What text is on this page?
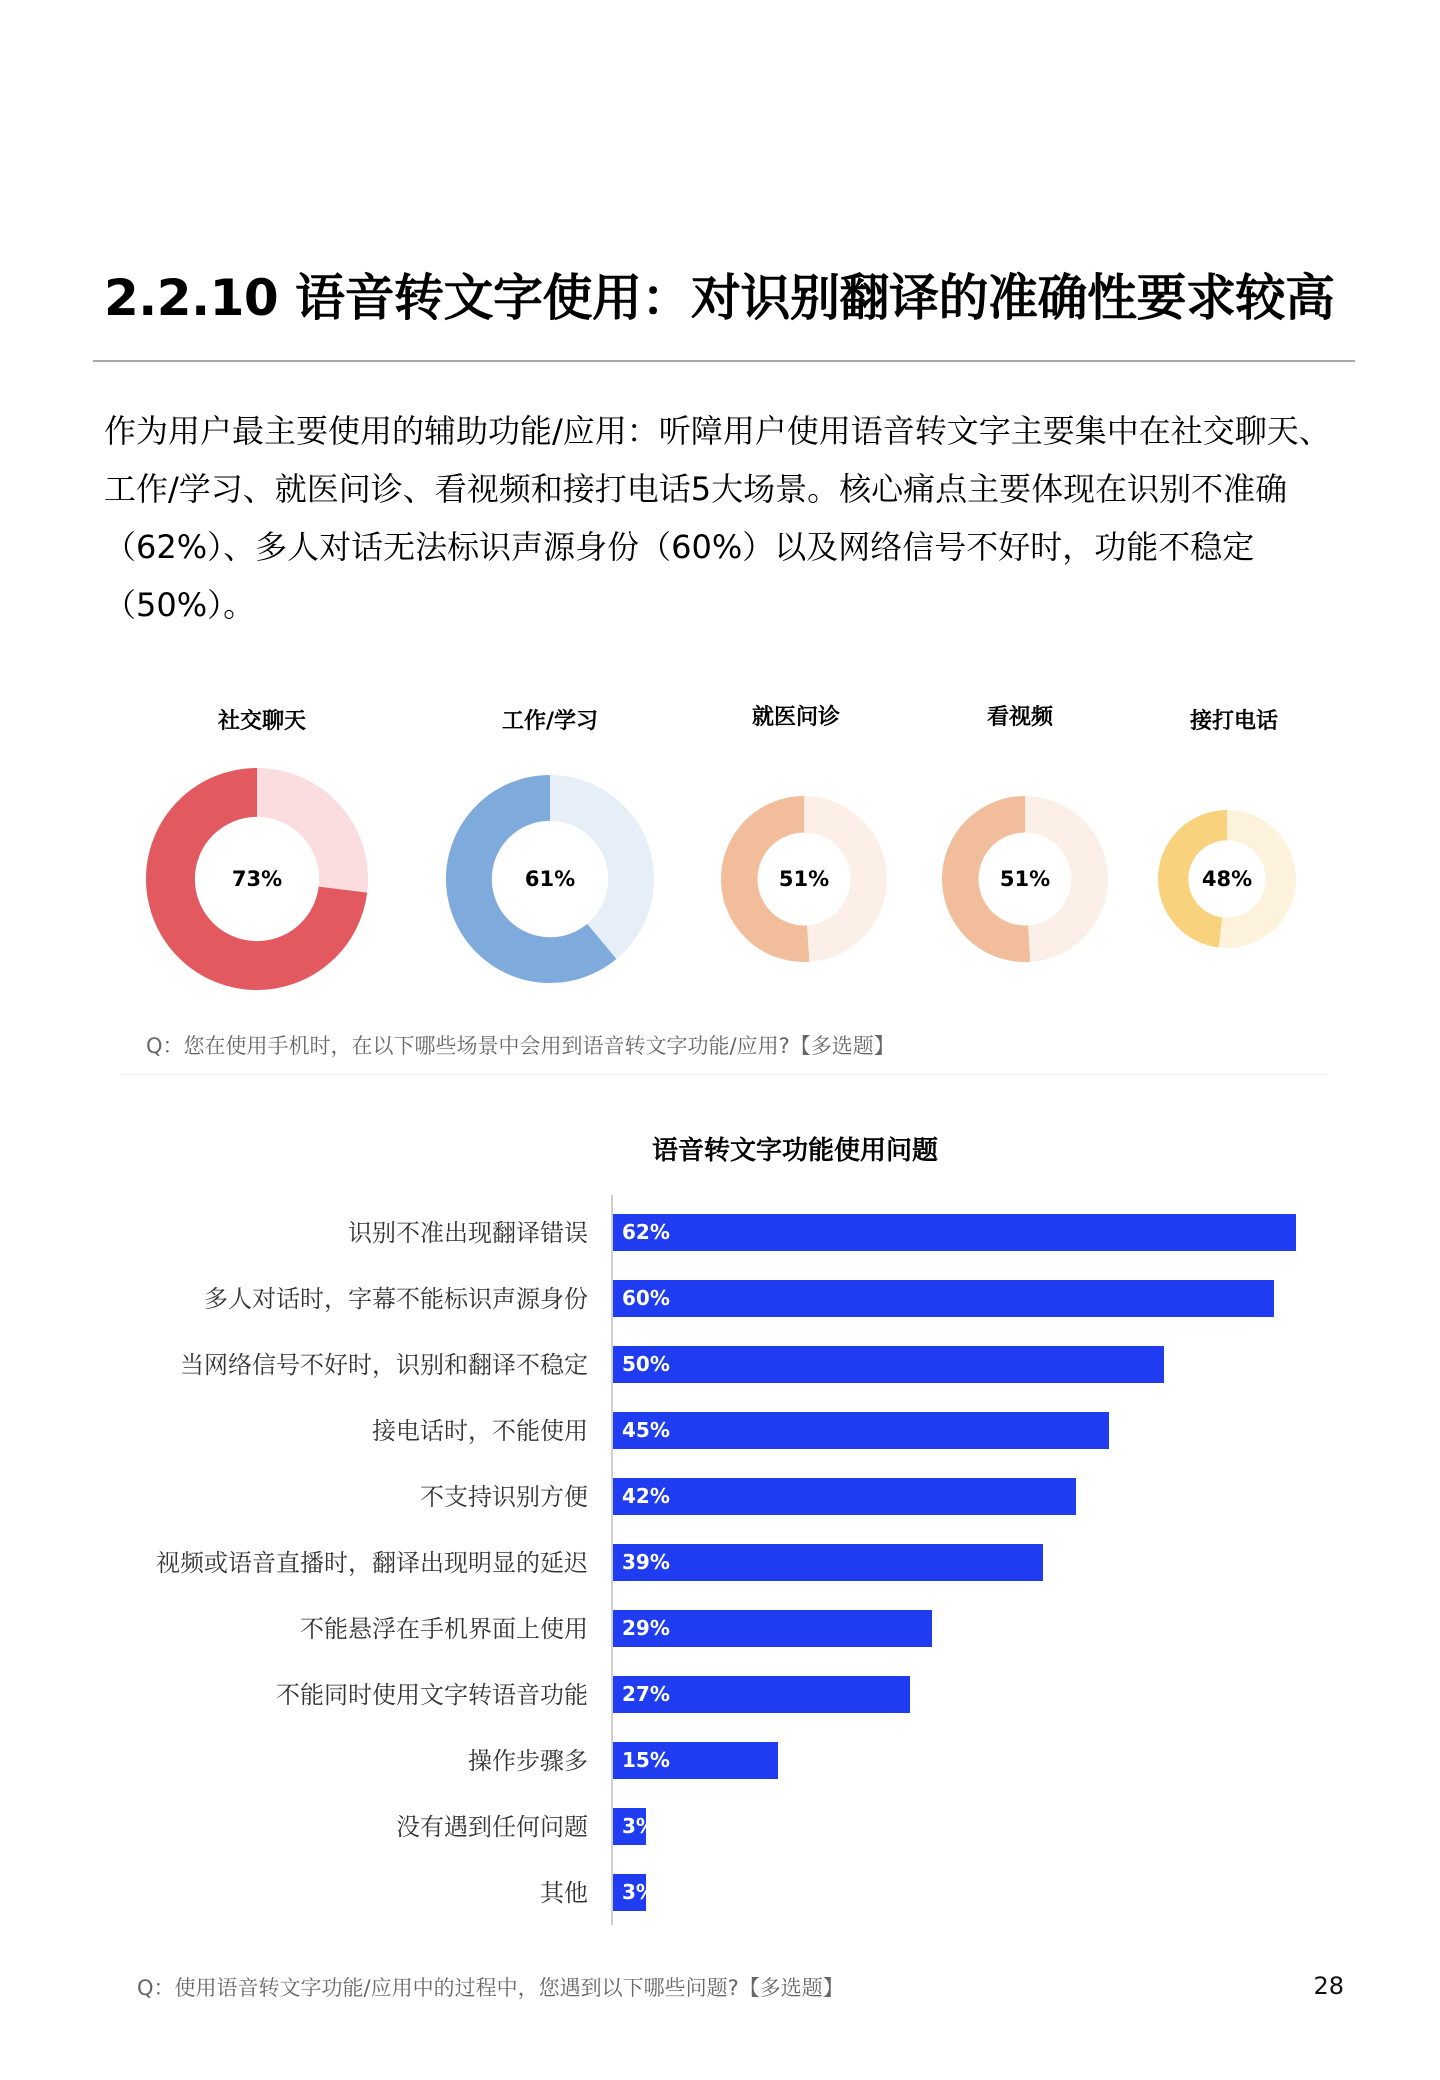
2.2.10 语音转文字使用：对识别翻译的准确性要求较高
作为用户最主要使用的辅助功能/应用：听障用户使用语音转文字主要集中在社交聊天、
工作/学习、就医问诊、看视频和接打电话5大场景。核心痛点主要体现在识别不准确
（62%）、多人对话无法标识声源身份（60%）以及网络信号不好时，功能不稳定
（50%）。
社交聊天	工作/学习	就医问诊	看视频	接打电话
73%	61%	51%	51%	48%
Q：您在使用手机时，在以下哪些场景中会用到语音转文字功能/应用?【多选题】
语音转文字功能使用问题
识别不准出现翻译错误 62%
多人对话时，字幕不能标识声源身份 60%
当网络信号不好时，识别和翻译不稳定 50%
接电话时，不能使用 45%
不支持识别方便 42%
视频或语音直播时，翻译出现明显的延迟 39%
不能悬浮在手机界面上使用 29%
不能同时使用文字转语音功能 27%
操作步骤多 15%
没有遇到任何问题 3%
其他 3%
Q：使用语音转文字功能/应用中的过程中，您遇到以下哪些问题?【多选题】	28
